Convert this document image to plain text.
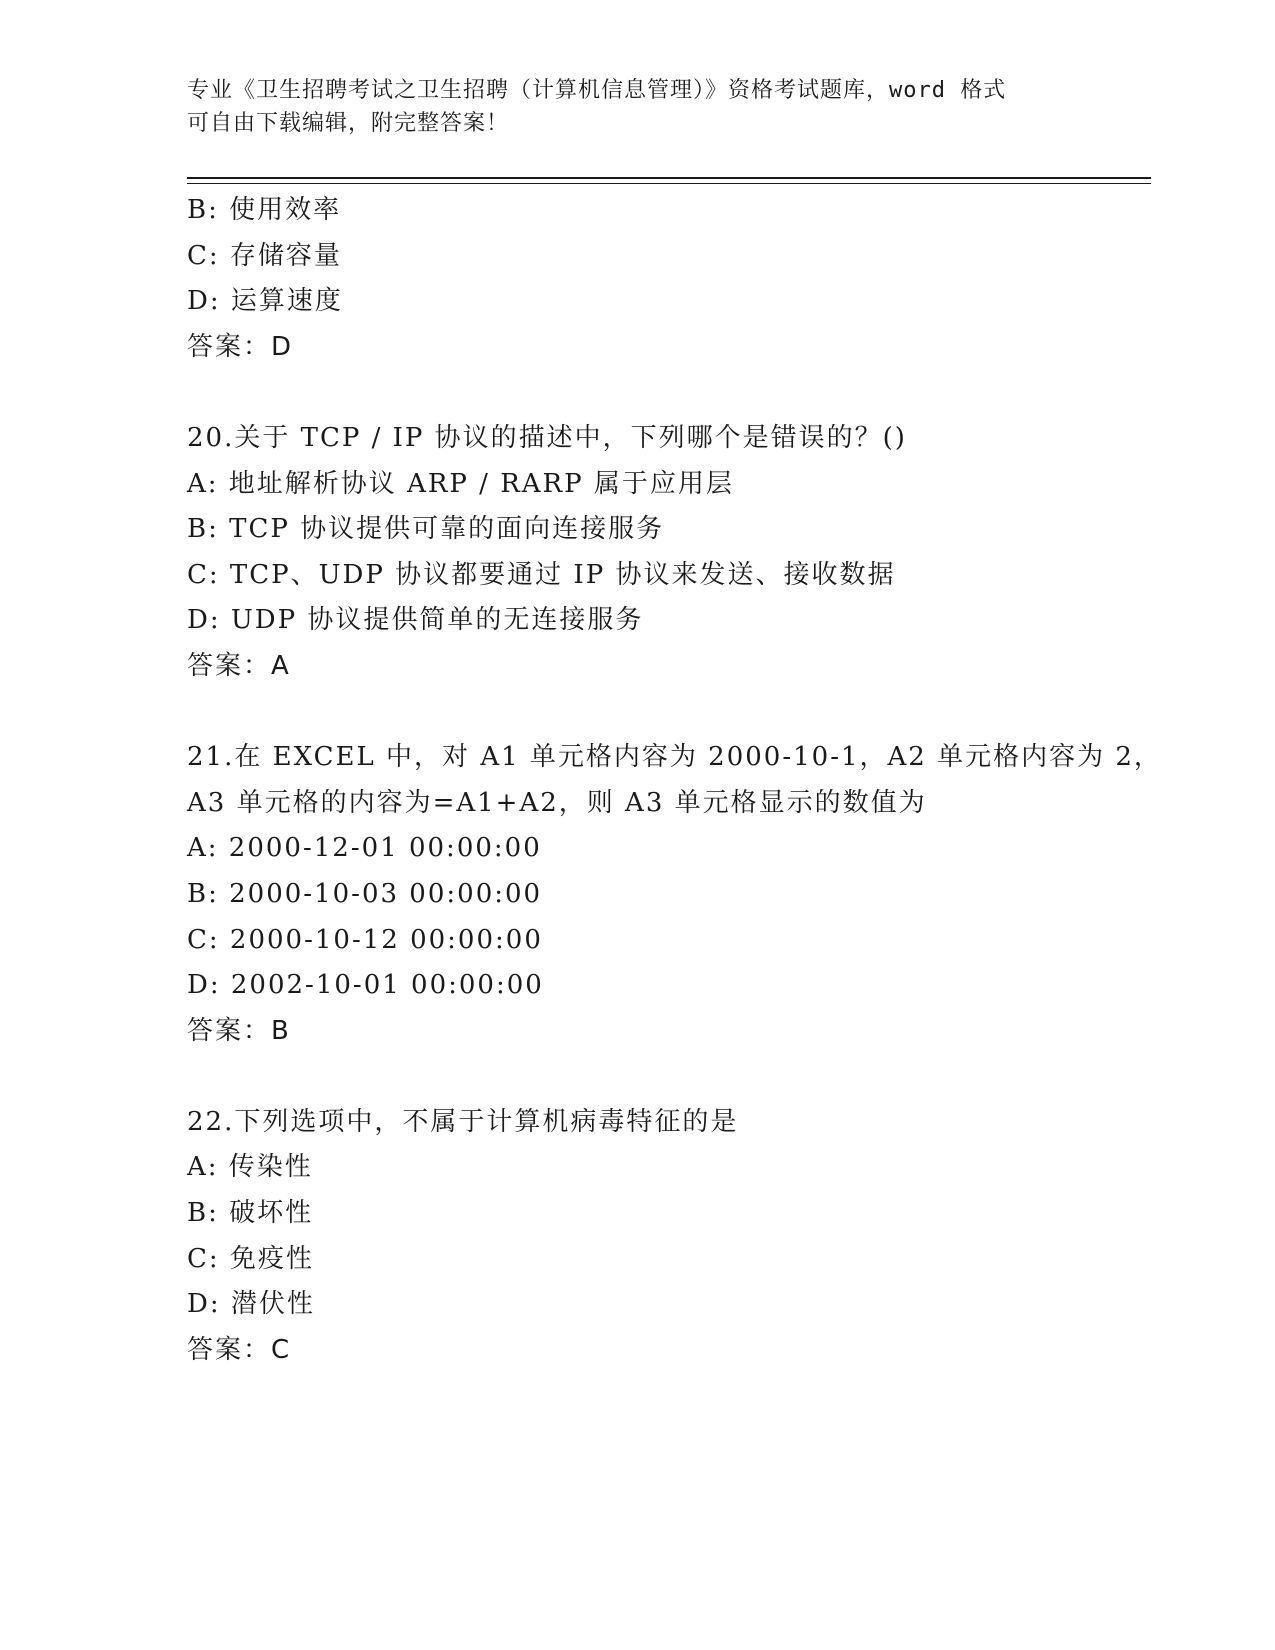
专业《卫生招聘考试之卫生招聘（计算机信息管理）》资格考试题库，word 格式
可自由下载编辑，附完整答案！
B: 使用效率
C: 存储容量
D: 运算速度
答案：D
20.关于 TCP / IP 协议的描述中，下列哪个是错误的？()
A: 地址解析协议 ARP / RARP 属于应用层
B: TCP 协议提供可靠的面向连接服务
C: TCP、UDP 协议都要通过 IP 协议来发送、接收数据
D: UDP 协议提供简单的无连接服务
答案：A
21.在 EXCEL 中，对 A1 单元格内容为 2000-10-1，A2 单元格内容为 2，
A3 单元格的内容为=A1+A2，则 A3 单元格显示的数值为
A: 2000-12-01 00:00:00
B: 2000-10-03 00:00:00
C: 2000-10-12 00:00:00
D: 2002-10-01 00:00:00
答案：B
22.下列选项中，不属于计算机病毒特征的是
A: 传染性
B: 破坏性
C: 免疫性
D: 潜伏性
答案：C
